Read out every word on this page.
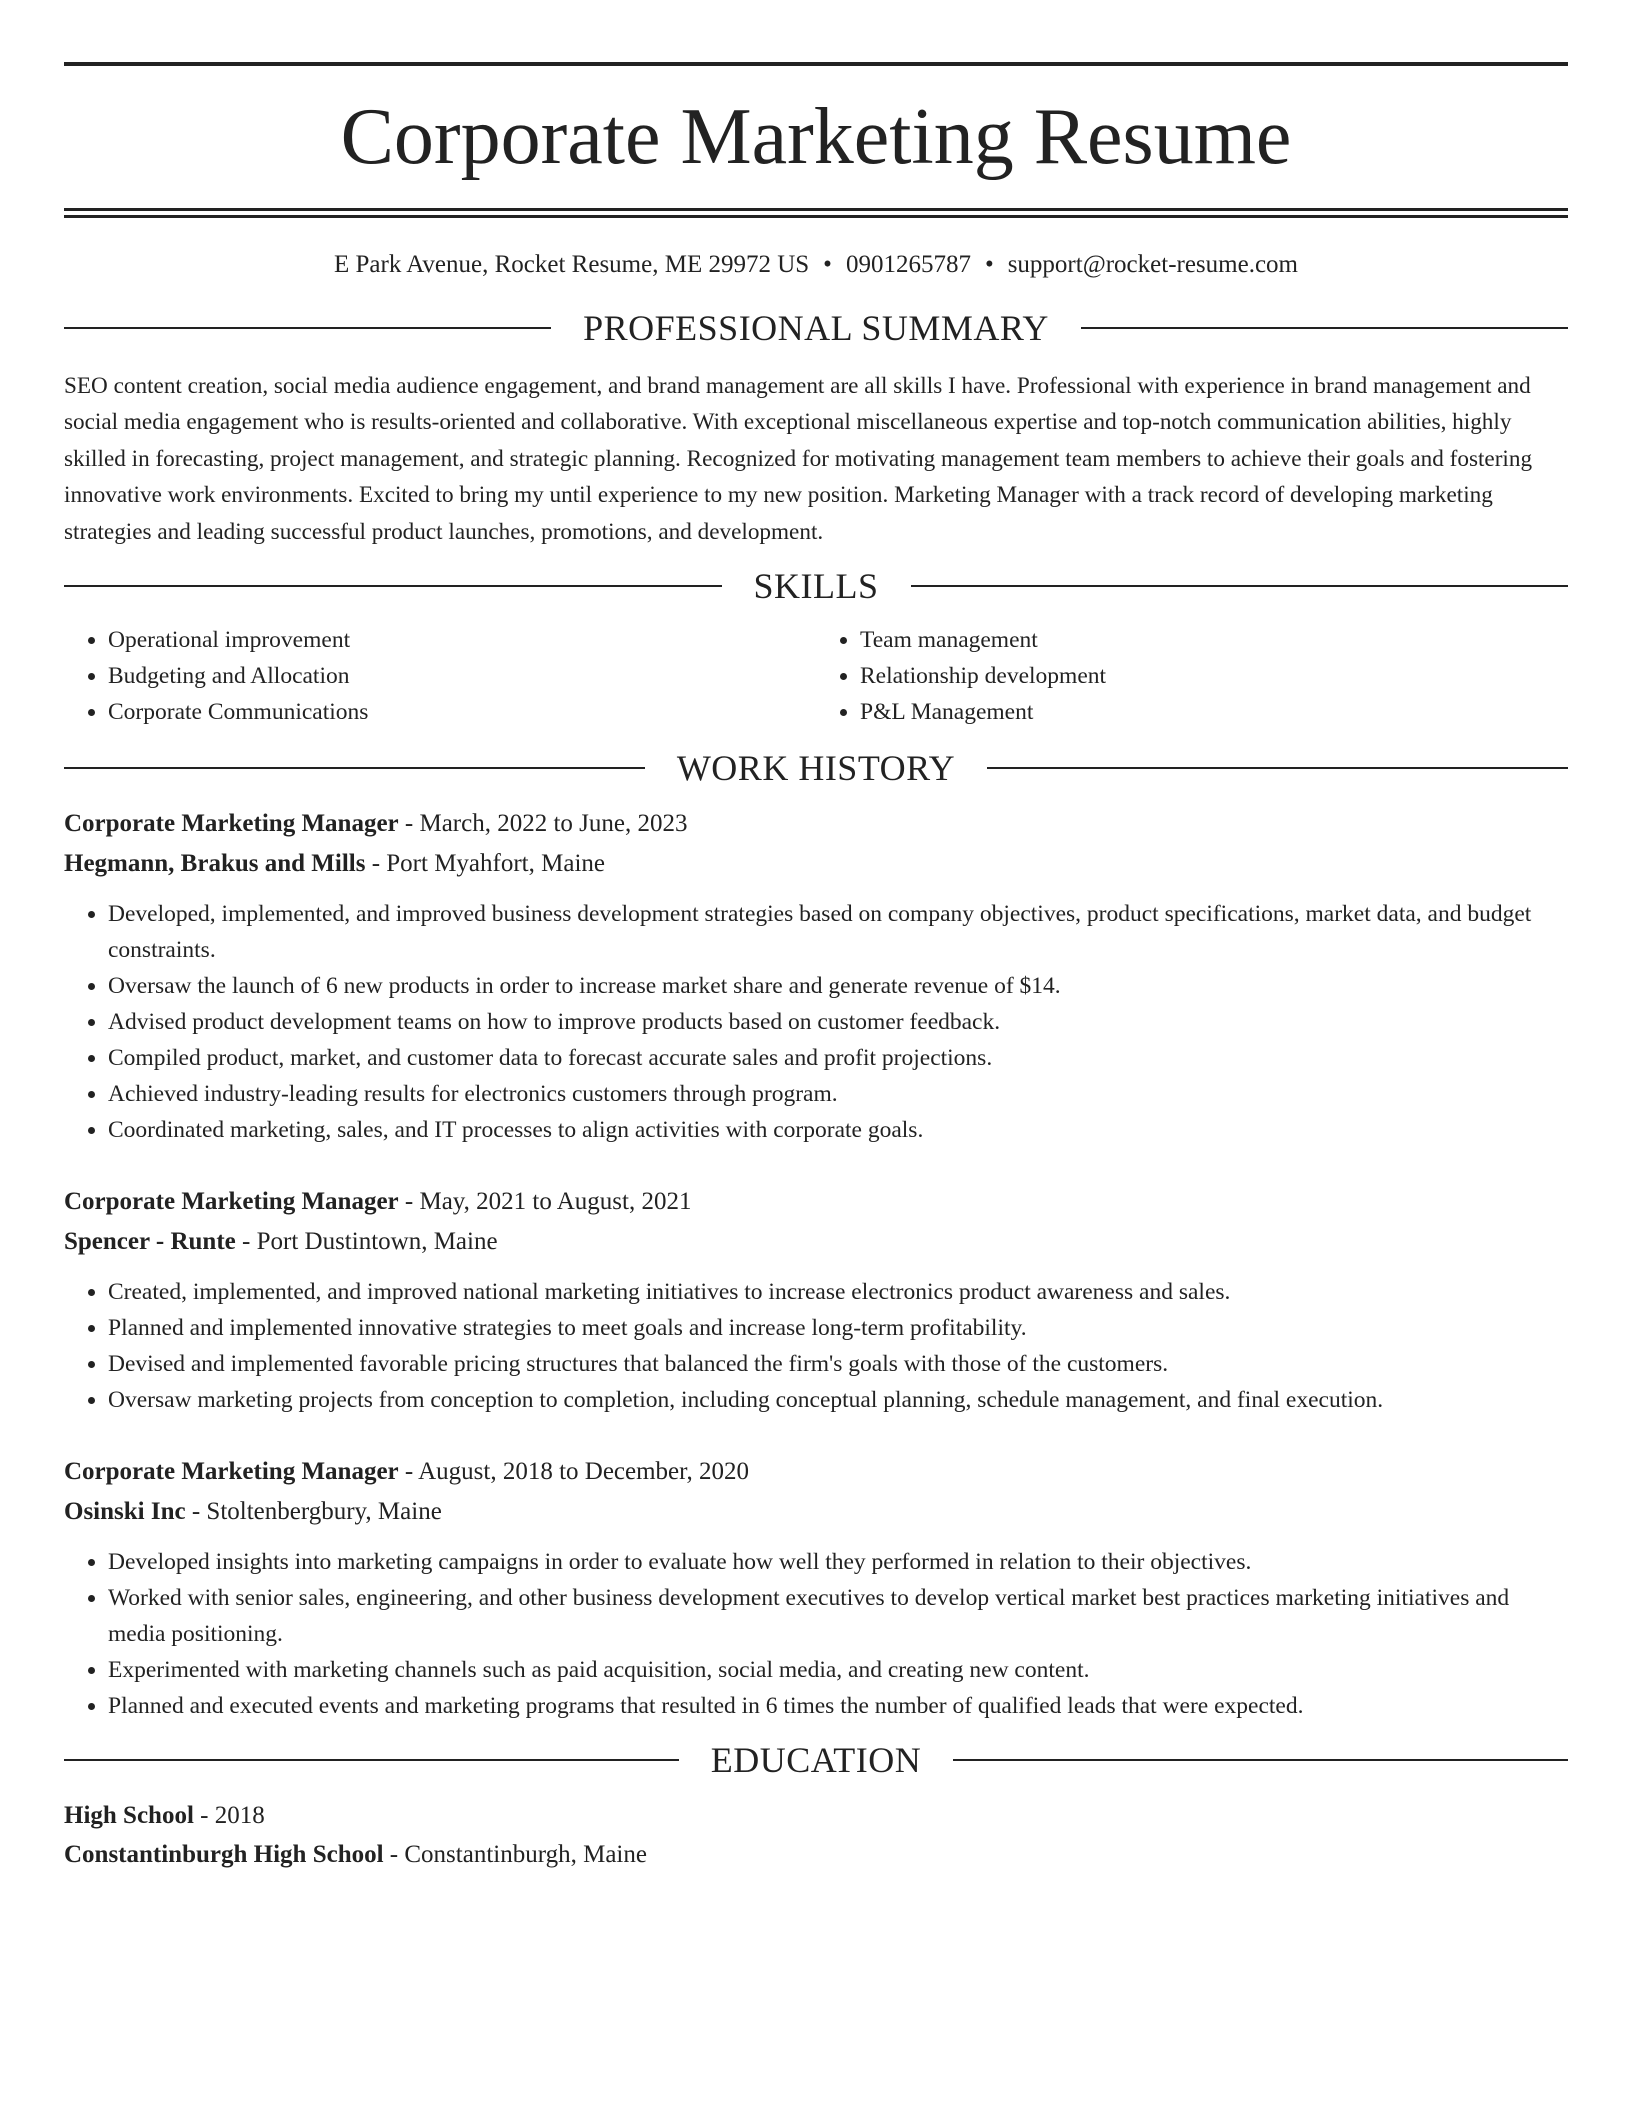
Corporate Marketing Resume
E Park Avenue, Rocket Resume, ME 29972 US • 0901265787 • support@rocket-resume.com
PROFESSIONAL SUMMARY

SEO content creation, social media audience engagement, and brand management are all skills I have. Professional with experience in brand management and social media engagement who is results-oriented and collaborative. With exceptional miscellaneous expertise and top-notch communication abilities, highly skilled in forecasting, project management, and strategic planning. Recognized for motivating management team members to achieve their goals and fostering innovative work environments. Excited to bring my until experience to my new position. Marketing Manager with a track record of developing marketing strategies and leading successful product launches, promotions, and development.

SKILLS
• Operational improvement
• Budgeting and Allocation
• Corporate Communications
• Team management
• Relationship development
• P&L Management
WORK HISTORY
Corporate Marketing Manager - March, 2022 to June, 2023
Hegmann, Brakus and Mills - Port Myahfort, Maine
• Developed, implemented, and improved business development strategies based on company objectives, product specifications, market data, and budget constraints.
• Oversaw the launch of 6 new products in order to increase market share and generate revenue of $14.
• Advised product development teams on how to improve products based on customer feedback.
• Compiled product, market, and customer data to forecast accurate sales and profit projections.
• Achieved industry-leading results for electronics customers through program.
• Coordinated marketing, sales, and IT processes to align activities with corporate goals.
Corporate Marketing Manager - May, 2021 to August, 2021
Spencer - Runte - Port Dustintown, Maine
• Created, implemented, and improved national marketing initiatives to increase electronics product awareness and sales.
• Planned and implemented innovative strategies to meet goals and increase long-term profitability.
• Devised and implemented favorable pricing structures that balanced the firm's goals with those of the customers.
• Oversaw marketing projects from conception to completion, including conceptual planning, schedule management, and final execution.
Corporate Marketing Manager - August, 2018 to December, 2020
Osinski Inc - Stoltenbergbury, Maine
• Developed insights into marketing campaigns in order to evaluate how well they performed in relation to their objectives.
• Worked with senior sales, engineering, and other business development executives to develop vertical market best practices marketing initiatives and media positioning.
• Experimented with marketing channels such as paid acquisition, social media, and creating new content.
• Planned and executed events and marketing programs that resulted in 6 times the number of qualified leads that were expected.
EDUCATION
High School - 2018
Constantinburgh High School - Constantinburgh, Maine
